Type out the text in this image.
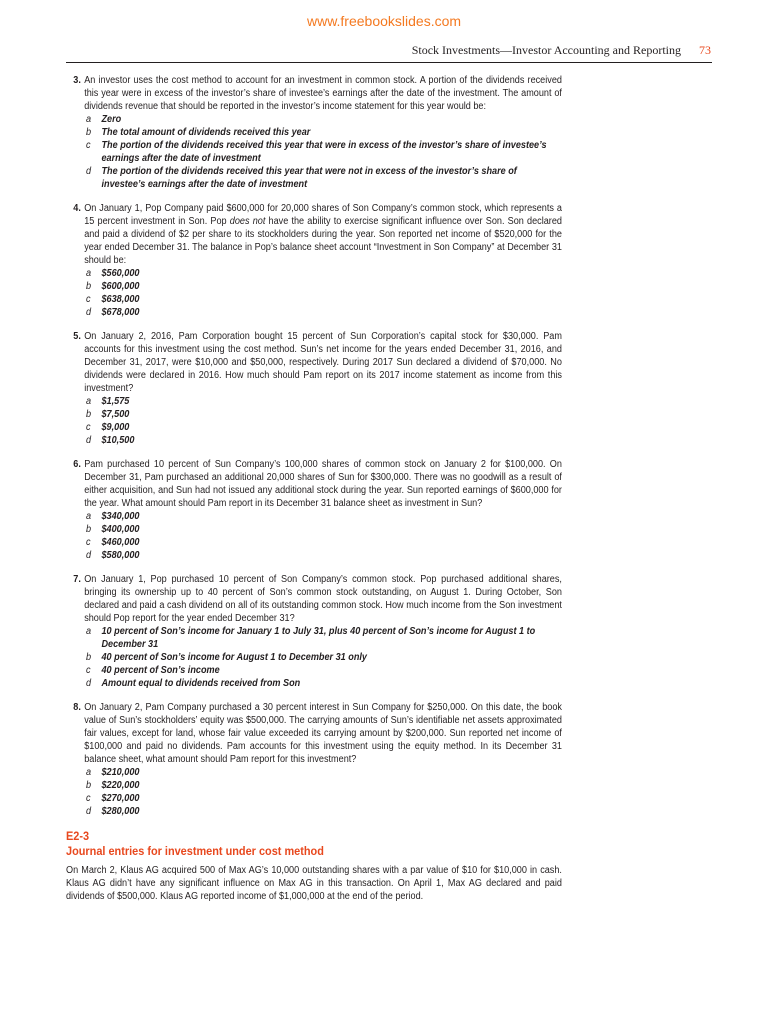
www.freebookslides.com
Stock Investments—Investor Accounting and Reporting 73
3. An investor uses the cost method to account for an investment in common stock. A portion of the dividends received this year were in excess of the investor’s share of investee’s earnings after the date of the investment. The amount of dividends revenue that should be reported in the investor’s income statement for this year would be:
a Zero
b The total amount of dividends received this year
c The portion of the dividends received this year that were in excess of the investor’s share of investee’s earnings after the date of investment
d The portion of the dividends received this year that were not in excess of the investor’s share of investee’s earnings after the date of investment
4. On January 1, Pop Company paid $600,000 for 20,000 shares of Son Company’s common stock, which represents a 15 percent investment in Son. Pop does not have the ability to exercise significant influence over Son. Son declared and paid a dividend of $2 per share to its stockholders during the year. Son reported net income of $520,000 for the year ended December 31. The balance in Pop’s balance sheet account “Investment in Son Company” at December 31 should be:
a $560,000
b $600,000
c $638,000
d $678,000
5. On January 2, 2016, Pam Corporation bought 15 percent of Sun Corporation’s capital stock for $30,000. Pam accounts for this investment using the cost method. Sun’s net income for the years ended December 31, 2016, and December 31, 2017, were $10,000 and $50,000, respectively. During 2017 Sun declared a dividend of $70,000. No dividends were declared in 2016. How much should Pam report on its 2017 income statement as income from this investment?
a $1,575
b $7,500
c $9,000
d $10,500
6. Pam purchased 10 percent of Sun Company’s 100,000 shares of common stock on January 2 for $100,000. On December 31, Pam purchased an additional 20,000 shares of Sun for $300,000. There was no goodwill as a result of either acquisition, and Sun had not issued any additional stock during the year. Sun reported earnings of $600,000 for the year. What amount should Pam report in its December 31 balance sheet as investment in Sun?
a $340,000
b $400,000
c $460,000
d $580,000
7. On January 1, Pop purchased 10 percent of Son Company’s common stock. Pop purchased additional shares, bringing its ownership up to 40 percent of Son’s common stock outstanding, on August 1. During October, Son declared and paid a cash dividend on all of its outstanding common stock. How much income from the Son investment should Pop report for the year ended December 31?
a 10 percent of Son’s income for January 1 to July 31, plus 40 percent of Son’s income for August 1 to December 31
b 40 percent of Son’s income for August 1 to December 31 only
c 40 percent of Son’s income
d Amount equal to dividends received from Son
8. On January 2, Pam Company purchased a 30 percent interest in Sun Company for $250,000. On this date, the book value of Sun’s stockholders’ equity was $500,000. The carrying amounts of Sun’s identifiable net assets approximated fair values, except for land, whose fair value exceeded its carrying amount by $200,000. Sun reported net income of $100,000 and paid no dividends. Pam accounts for this investment using the equity method. In its December 31 balance sheet, what amount should Pam report for this investment?
a $210,000
b $220,000
c $270,000
d $280,000
E2-3
Journal entries for investment under cost method
On March 2, Klaus AG acquired 500 of Max AG’s 10,000 outstanding shares with a par value of $10 for $10,000 in cash. Klaus AG didn’t have any significant influence on Max AG in this transaction. On April 1, Max AG declared and paid dividends of $500,000. Klaus AG reported income of $1,000,000 at the end of the period.
